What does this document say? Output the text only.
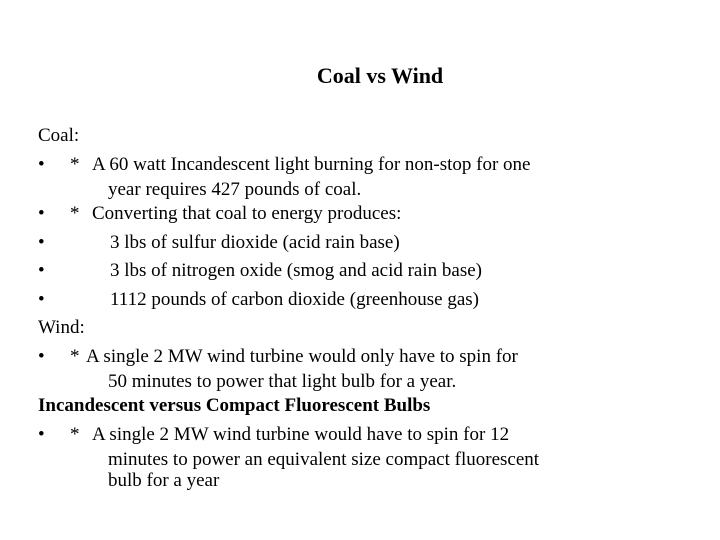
Coal vs Wind
Coal:
• * A 60 watt Incandescent light burning for non-stop for one
year requires 427 pounds of coal.
• * Converting that coal to energy produces:
•	3 lbs of sulfur dioxide (acid rain base)
•	3 lbs of nitrogen oxide (smog and acid rain base)
•	1112 pounds of carbon dioxide (greenhouse gas)
Wind:
• * A single 2 MW wind turbine would only have to spin for
50 minutes to power that light bulb for a year.
Incandescent versus Compact Fluorescent Bulbs
• * A single 2 MW wind turbine would have to spin for 12
minutes to power an equivalent size compact fluorescent
bulb for a year
